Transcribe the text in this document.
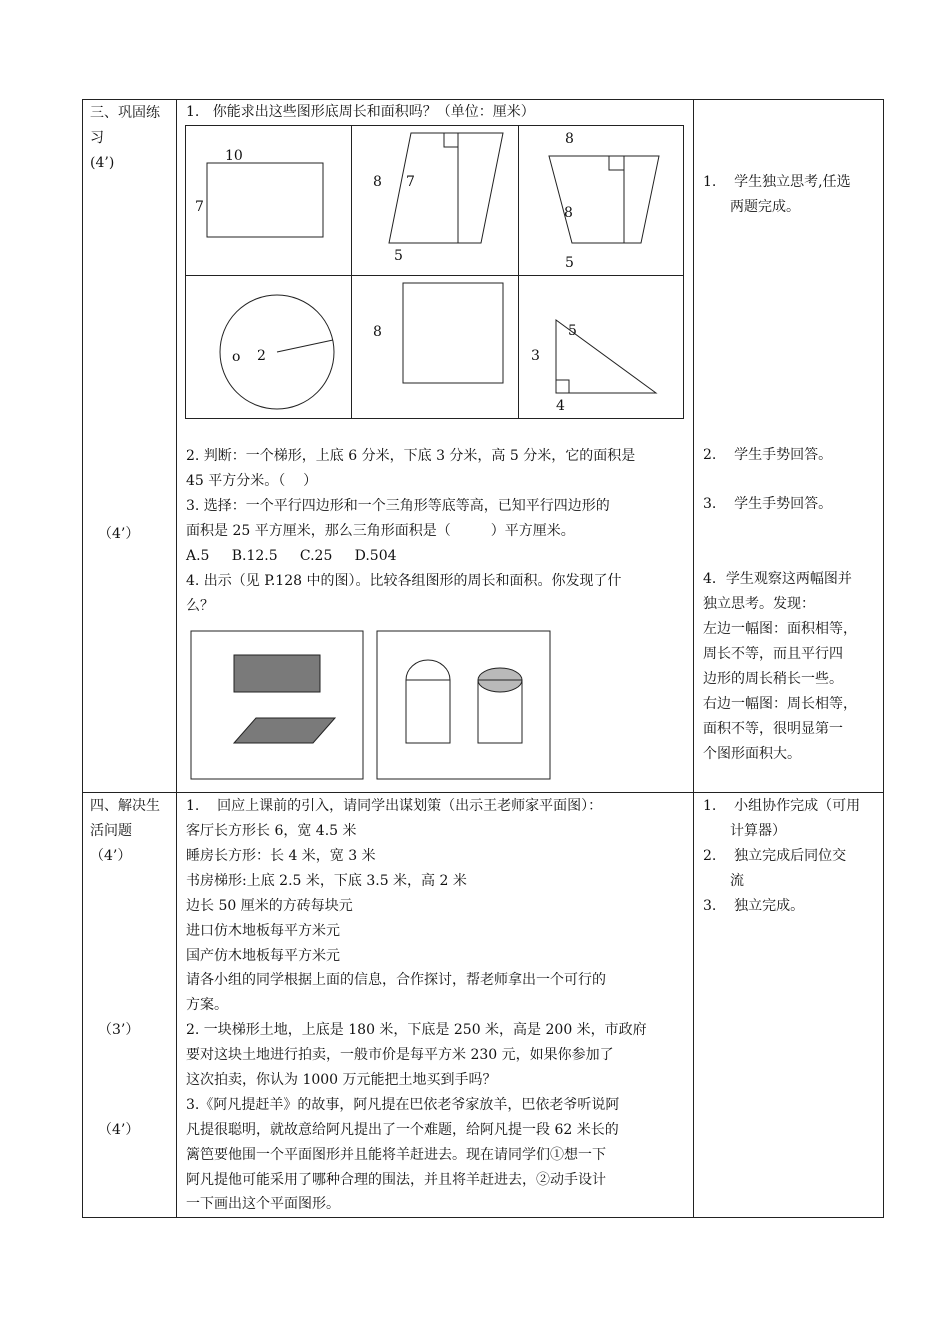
三、巩固练
习
(4’)
（4’）
1.   你能求出这些图形底周长和面积吗？（单位：厘米）
10
7
8 7
5
8
8
5
o 2
8
3
5
4
2. 判断：一个梯形，上底 6 分米，下底 3 分米，高 5 分米，它的面积是
45 平方分米。（    ）
3. 选择：一个平行四边形和一个三角形等底等高，已知平行四边形的
面积是 25 平方厘米，那么三角形面积是（         ）平方厘米。
A.5     B.12.5     C.25     D.504
4. 出示（见 P.128 中的图）。比较各组图形的周长和面积。你发现了什
么？
1.    学生独立思考,任选
两题完成。
2.    学生手势回答。
3.    学生手势回答。
4．学生观察这两幅图并
独立思考。发现：
左边一幅图：面积相等，
周长不等，而且平行四
边形的周长稍长一些。
右边一幅图：周长相等，
面积不等，很明显第一
个图形面积大。
四、解决生
活问题
（4’）
（3’）
（4’）
1.    回应上课前的引入，请同学出谋划策（出示王老师家平面图）：
客厅长方形长 6，宽 4.5 米
睡房长方形：长 4 米，宽 3 米
书房梯形:上底 2.5 米，下底 3.5 米，高 2 米
边长 50 厘米的方砖每块元
进口仿木地板每平方米元
国产仿木地板每平方米元
请各小组的同学根据上面的信息，合作探讨，帮老师拿出一个可行的
方案。
2. 一块梯形土地，上底是 180 米，下底是 250 米，高是 200 米，市政府
要对这块土地进行拍卖，一般市价是每平方米 230 元，如果你参加了
这次拍卖，你认为 1000 万元能把土地买到手吗？
3.《阿凡提赶羊》的故事，阿凡提在巴依老爷家放羊，巴依老爷听说阿
凡提很聪明，就故意给阿凡提出了一个难题，给阿凡提一段 62 米长的
篱笆要他围一个平面图形并且能将羊赶进去。现在请同学们①想一下
阿凡提他可能采用了哪种合理的围法，并且将羊赶进去，②动手设计
一下画出这个平面图形。
1.    小组协作完成（可用
计算器）
2.    独立完成后同位交
流
3.    独立完成。
